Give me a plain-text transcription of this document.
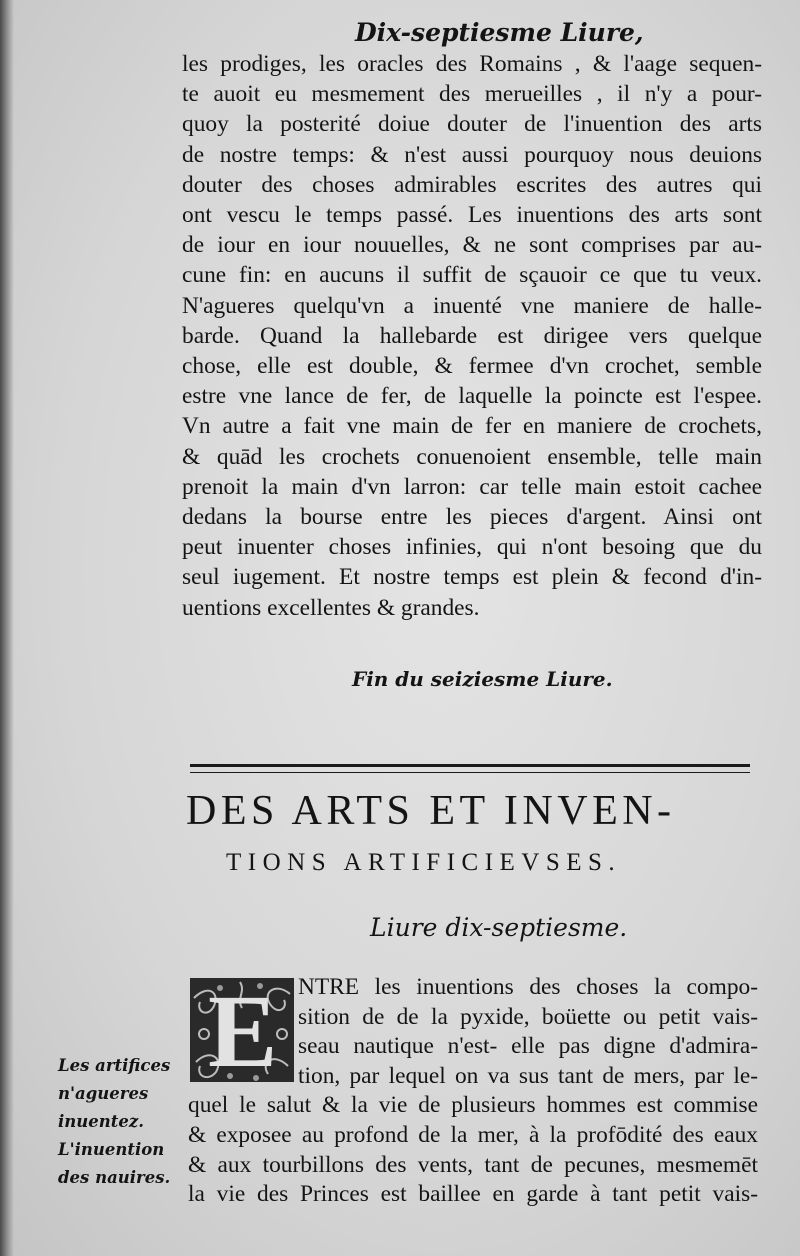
Dix-septiesme Liure,
les prodiges, les oracles des Romains , & l'aage sequen-
te auoit eu mesmement des merueilles , il n'y a pour-
quoy la posterité doiue douter de l'inuention des arts
de nostre temps: & n'est aussi pourquoy nous deuions
douter des choses admirables escrites des autres qui
ont vescu le temps passé. Les inuentions des arts sont
de iour en iour nouuelles, & ne sont comprises par au-
cune fin: en aucuns il suffit de sçauoir ce que tu veux.
N'agueres quelqu'vn a inuenté vne maniere de halle-
barde. Quand la hallebarde est dirigee vers quelque
chose, elle est double, & fermee d'vn crochet, semble
estre vne lance de fer, de laquelle la poincte est l'espee.
Vn autre a fait vne main de fer en maniere de crochets,
& quād les crochets conuenoient ensemble, telle main
prenoit la main d'vn larron: car telle main estoit cachee
dedans la bourse entre les pieces d'argent. Ainsi ont
peut inuenter choses infinies, qui n'ont besoing que du
seul iugement. Et nostre temps est plein & fecond d'in-
uentions excellentes & grandes.
Fin du seiziesme Liure.
DES ARTS ET INVEN-
TIONS ARTIFICIEVSES.
Liure dix-septiesme.
E NTRE les inuentions des choses la compo-
sition de de la pyxide, boüette ou petit vais-
seau nautique n'est- elle pas digne d'admira-
tion, par lequel on va sus tant de mers, par le-
quel le salut & la vie de plusieurs hommes est commise
& exposee au profond de la mer, à la profōdité des eaux
& aux tourbillons des vents, tant de pecunes, mesmemēt
la vie des Princes est baillee en garde à tant petit vais-
Les artifices
n'agueres
inuentez.
L'inuention
des nauires.
